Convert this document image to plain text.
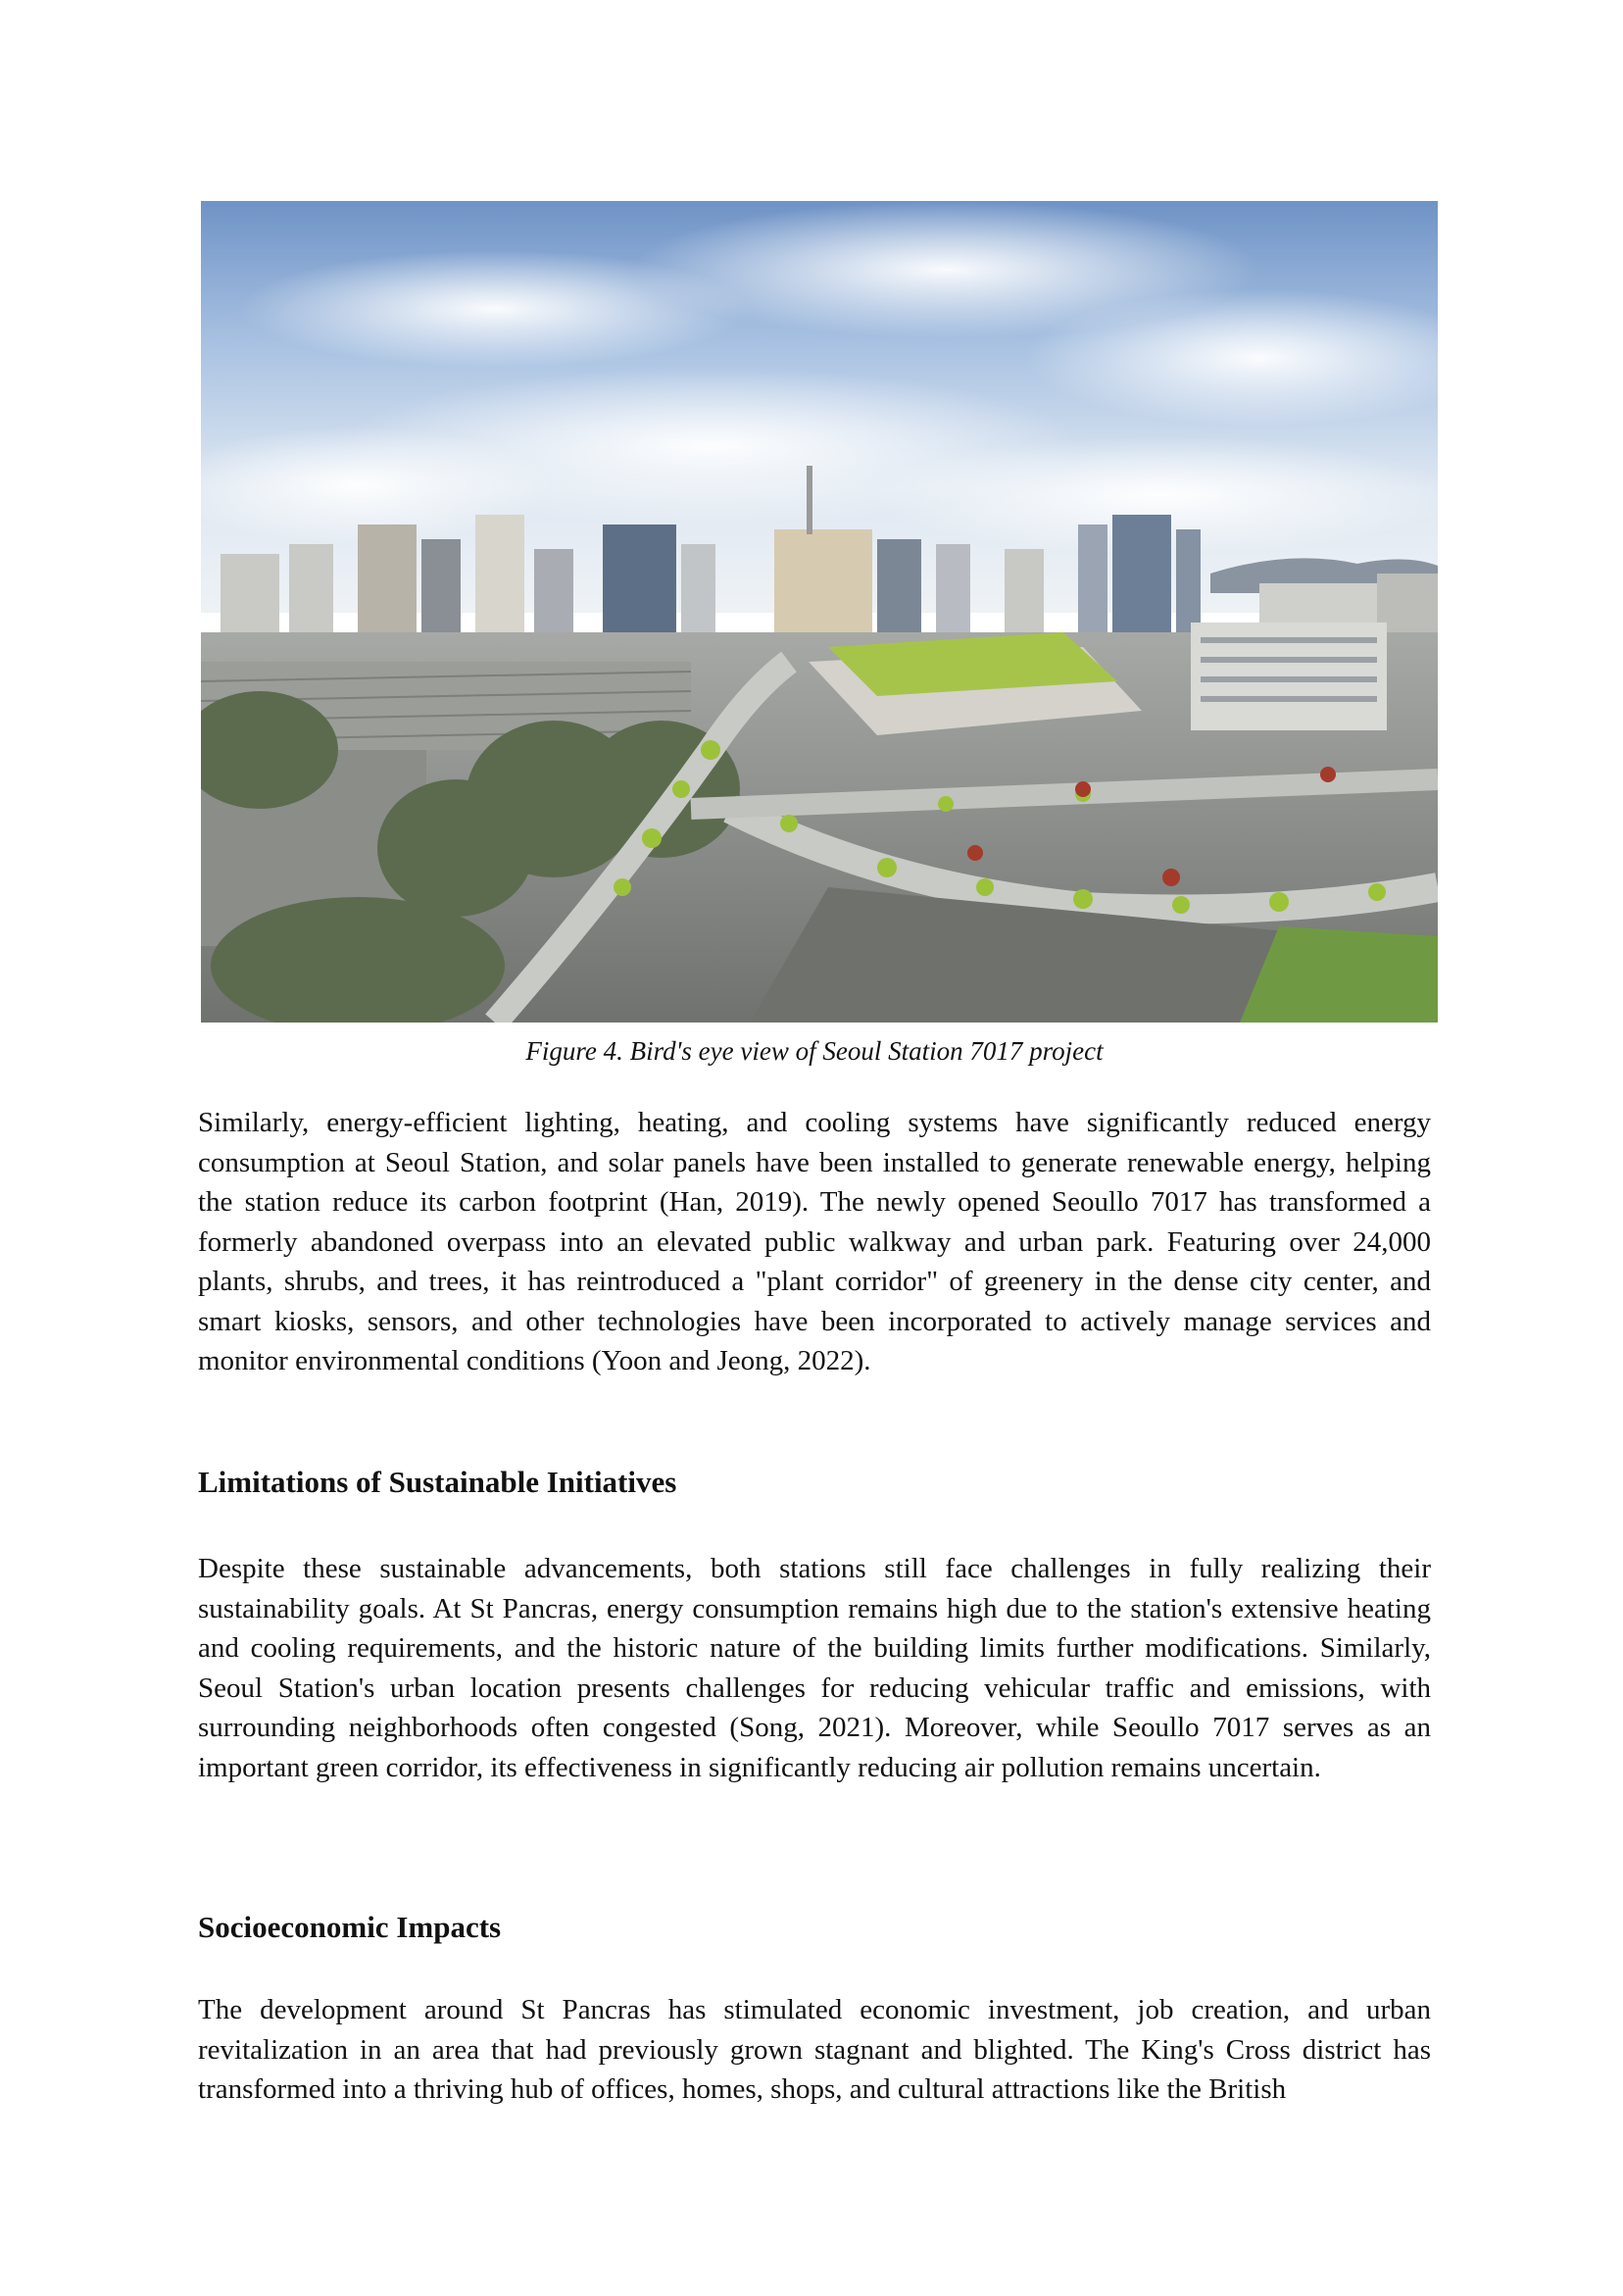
Figure 4. Bird's eye view of Seoul Station 7017 project

Similarly, energy-efficient lighting, heating, and cooling systems have significantly reduced energy consumption at Seoul Station, and solar panels have been installed to generate renewable energy, helping the station reduce its carbon footprint (Han, 2019). The newly opened Seoullo 7017 has transformed a formerly abandoned overpass into an elevated public walkway and urban park. Featuring over 24,000 plants, shrubs, and trees, it has reintroduced a "plant corridor" of greenery in the dense city center, and smart kiosks, sensors, and other technologies have been incorporated to actively manage services and monitor environmental conditions (Yoon and Jeong, 2022).

Limitations of Sustainable Initiatives

Despite these sustainable advancements, both stations still face challenges in fully realizing their sustainability goals. At St Pancras, energy consumption remains high due to the station's extensive heating and cooling requirements, and the historic nature of the building limits further modifications. Similarly, Seoul Station's urban location presents challenges for reducing vehicular traffic and emissions, with surrounding neighborhoods often congested (Song, 2021). Moreover, while Seoullo 7017 serves as an important green corridor, its effectiveness in significantly reducing air pollution remains uncertain.

Socioeconomic Impacts

The development around St Pancras has stimulated economic investment, job creation, and urban revitalization in an area that had previously grown stagnant and blighted. The King's Cross district has transformed into a thriving hub of offices, homes, shops, and cultural attractions like the British
